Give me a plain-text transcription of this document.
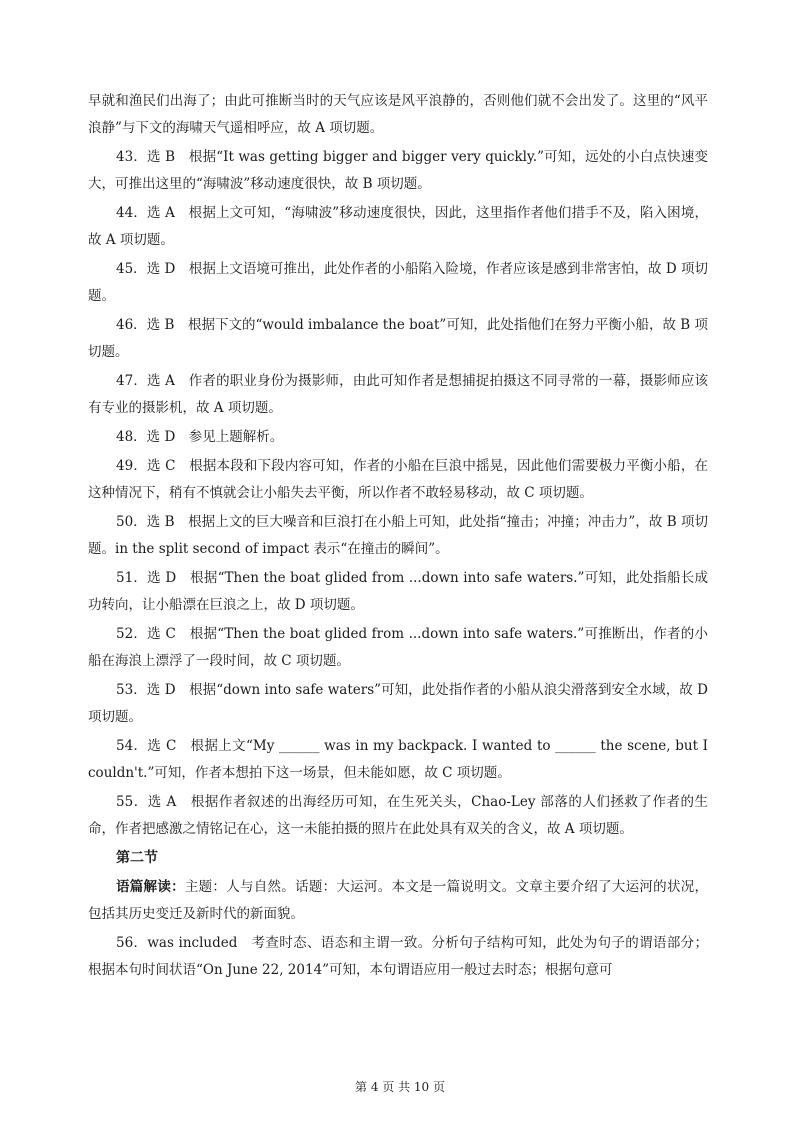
早就和渔民们出海了；由此可推断当时的天气应该是风平浪静的，否则他们就不会出发了。这里的“风平浪静”与下文的海啸天气遥相呼应，故 A 项切题。

43．选 B　根据“It was getting bigger and bigger very quickly.”可知，远处的小白点快速变大，可推出这里的“海啸波”移动速度很快，故 B 项切题。

44．选 A　根据上文可知，“海啸波”移动速度很快，因此，这里指作者他们措手不及，陷入困境，故 A 项切题。

45．选 D　根据上文语境可推出，此处作者的小船陷入险境，作者应该是感到非常害怕，故 D 项切题。

46．选 B　根据下文的“would imbalance the boat”可知，此处指他们在努力平衡小船，故 B 项切题。

47．选 A　作者的职业身份为摄影师，由此可知作者是想捕捉拍摄这不同寻常的一幕，摄影师应该有专业的摄影机，故 A 项切题。

48．选 D　参见上题解析。

49．选 C　根据本段和下段内容可知，作者的小船在巨浪中摇晃，因此他们需要极力平衡小船，在这种情况下，稍有不慎就会让小船失去平衡，所以作者不敢轻易移动，故 C 项切题。

50．选 B　根据上文的巨大噪音和巨浪打在小船上可知，此处指“撞击；冲撞；冲击力”，故 B 项切题。in the split second of impact 表示“在撞击的瞬间”。

51．选 D　根据“Then the boat glided from ...down into safe waters.”可知，此处指船长成功转向，让小船漂在巨浪之上，故 D 项切题。

52．选 C　根据“Then the boat glided from ...down into safe waters.”可推断出，作者的小船在海浪上漂浮了一段时间，故 C 项切题。

53．选 D　根据“down into safe waters”可知，此处指作者的小船从浪尖滑落到安全水域，故 D 项切题。

54．选 C　根据上文“My ______ was in my backpack. I wanted to ______ the scene, but I couldn't.”可知，作者本想拍下这一场景，但未能如愿，故 C 项切题。

55．选 A　根据作者叙述的出海经历可知，在生死关头，Chao-Ley 部落的人们拯救了作者的生命，作者把感激之情铭记在心，这一未能拍摄的照片在此处具有双关的含义，故 A 项切题。

第二节

语篇解读：主题：人与自然。话题：大运河。本文是一篇说明文。文章主要介绍了大运河的状况，包括其历史变迁及新时代的新面貌。

56．was included　考查时态、语态和主谓一致。分析句子结构可知，此处为句子的谓语部分；根据本句时间状语“On June 22, 2014”可知，本句谓语应用一般过去时态；根据句意可

第 4 页 共 10 页
